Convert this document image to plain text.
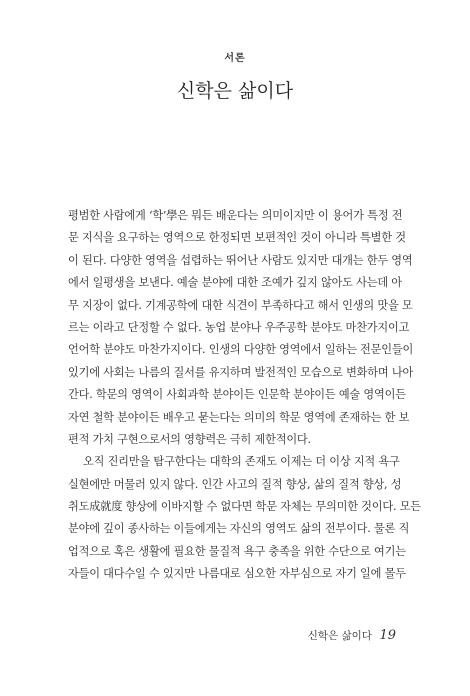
서론
신학은 삶이다
평범한 사람에게 ‘학’學은 뭐든 배운다는 의미이지만 이 용어가 특정 전
문 지식을 요구하는 영역으로 한정되면 보편적인 것이 아니라 특별한 것
이 된다. 다양한 영역을 섭렵하는 뛰어난 사람도 있지만 대개는 한두 영역
에서 일평생을 보낸다. 예술 분야에 대한 조예가 깊지 않아도 사는데 아
무 지장이 없다. 기계공학에 대한 식견이 부족하다고 해서 인생의 맛을 모
르는 이라고 단정할 수 없다. 농업 분야나 우주공학 분야도 마찬가지이고
언어학 분야도 마찬가지이다. 인생의 다양한 영역에서 일하는 전문인들이
있기에 사회는 나름의 질서를 유지하며 발전적인 모습으로 변화하며 나아
간다. 학문의 영역이 사회과학 분야이든 인문학 분야이든 예술 영역이든
자연 철학 분야이든 배우고 묻는다는 의미의 학문 영역에 존재하는 한 보
편적 가치 구현으로서의 영향력은 극히 제한적이다.
오직 진리만을 탐구한다는 대학의 존재도 이제는 더 이상 지적 욕구
실현에만 머물러 있지 않다. 인간 사고의 질적 향상, 삶의 질적 향상, 성
취도成就度 향상에 이바지할 수 없다면 학문 자체는 무의미한 것이다. 모든
분야에 깊이 종사하는 이들에게는 자신의 영역도 삶의 전부이다. 물론 직
업적으로 혹은 생활에 필요한 물질적 욕구 충족을 위한 수단으로 여기는
자들이 대다수일 수 있지만 나름대로 심오한 자부심으로 자기 일에 몰두
신학은 삶이다 19
